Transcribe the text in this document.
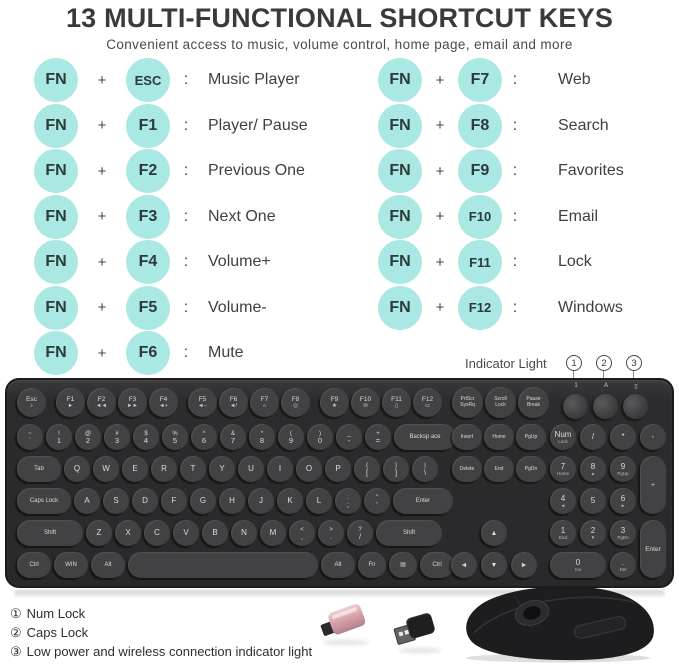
13 MULTI-FUNCTIONAL SHORTCUT KEYS
Convenient access to music, volume control, home page, email and more
FN	+	ESC	:	Music Player
FN	+	F1	:	Player/ Pause
FN	+	F2	:	Previous One
FN	+	F3	:	Next One
FN	+	F4	:	Volume+
FN	+	F5	:	Volume-
FN	+	F6	:	Mute
FN	+	F7	:	Web
FN	+	F8	:	Search
FN	+	F9	:	Favorites
FN	+	F10	:	Email
FN	+	F11	:	Lock
FN	+	F12	:	Windows
Indicator Light	1	2	3
Esc
♪
F1
►
F2
◄◄
F3
►►
F4
◄+
F5
◄−
F6
◄/
F7
⌂
F8
◎
F9
★
F10
✉
F11
▯
F12
▭
PrtScr
SysRq
Scroll
Lock
Pause
Break
~
`
!
1
@
2
#
3
$
4
%
5
^
6
&
7
*
8
(
9
)
0
_
-
+
=	Backsp ace
Tab	Q	W	E	R	T	Y	U	I	O	P	{
[
}
]
|
\
Caps Lock	A	S	D	F	G	H	J	K	L	:
;
"
'	Enter
Shift	Z	X	C	V	B	N	M	<
,
>
.
?
/	Shift
Ctrl	WIN	Alt	Alt	Fn	▤	Ctrl
Insert	Home	PgUp
Delete	End	PgDn
Num
Lock	/	*	-
7
Home
8
▲
9
PgUp
+
4
◄	5	6
►
1
End
2
▼
3
PgDn
Enter
0
Ins
.
Del
1	A	▯
▲
◄	▼	►
① Num Lock
② Caps Lock
③ Low power and wireless connection indicator light
